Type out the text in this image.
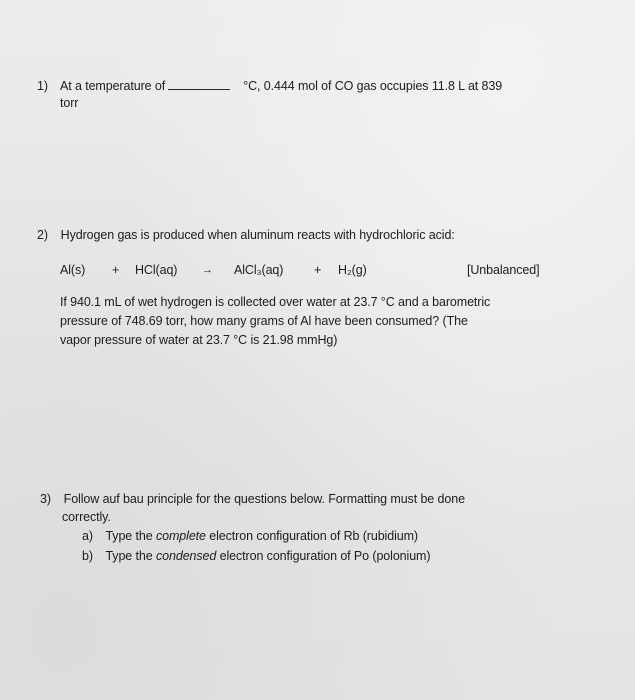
1) At a temperature of	°C, 0.444 mol of CO gas occupies 11.8 L at 839
torr
2) Hydrogen gas is produced when aluminum reacts with hydrochloric acid:
Al(s) + HCl(aq) → AlCl₃(aq) + H₂(g)	[Unbalanced]
If 940.1 mL of wet hydrogen is collected over water at 23.7 °C and a barometric
pressure of 748.69 torr, how many grams of Al have been consumed? (The
vapor pressure of water at 23.7 °C is 21.98 mmHg)
3) Follow auf bau principle for the questions below. Formatting must be done
correctly.
a) Type the complete electron configuration of Rb (rubidium)
b) Type the condensed electron configuration of Po (polonium)
